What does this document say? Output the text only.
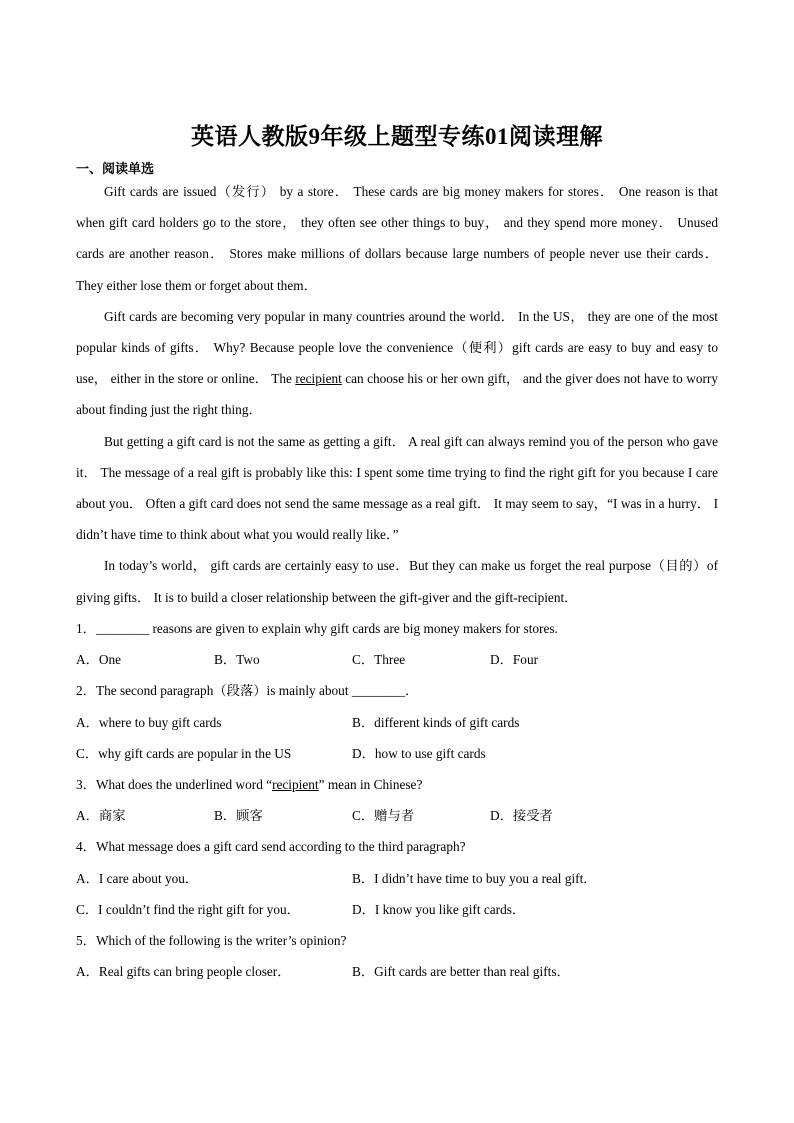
英语人教版9年级上题型专练01阅读理解
一、阅读单选

Gift cards are issued（发行） by a store． These cards are big money makers for stores． One reason is that when gift card holders go to the store， they often see other things to buy， and they spend more money． Unused cards are another reason． Stores make millions of dollars because large numbers of people never use their cards． They either lose them or forget about them．

Gift cards are becoming very popular in many countries around the world． In the US， they are one of the most popular kinds of gifts． Why? Because people love the convenience（便利）gift cards are easy to buy and easy to use， either in the store or online． The recipient can choose his or her own gift， and the giver does not have to worry about finding just the right thing．

But getting a gift card is not the same as getting a gift． A real gift can always remind you of the person who gave it． The message of a real gift is probably like this: I spent some time trying to find the right gift for you because I care about you． Often a gift card does not send the same message as a real gift． It may seem to say，“I was in a hurry． I didn’t have time to think about what you would really like．”

In today’s world， gift cards are certainly easy to use．But they can make us forget the real purpose（目的）of giving gifts． It is to build a closer relationship between the gift-giver and the gift-recipient．

1．________ reasons are given to explain why gift cards are big money makers for stores.
A．One	B．Two	C．Three	D．Four
2．The second paragraph（段落）is mainly about ________．
A．where to buy gift cards	B．different kinds of gift cards
C．why gift cards are popular in the US	D．how to use gift cards
3．What does the underlined word “recipient” mean in Chinese?
A．商家	B．顾客	C．赠与者	D．接受者
4．What message does a gift card send according to the third paragraph?
A．I care about you．	B．I didn’t have time to buy you a real gift．
C．I couldn’t find the right gift for you．	D．I know you like gift cards．
5．Which of the following is the writer’s opinion?
A．Real gifts can bring people closer．	B．Gift cards are better than real gifts．
